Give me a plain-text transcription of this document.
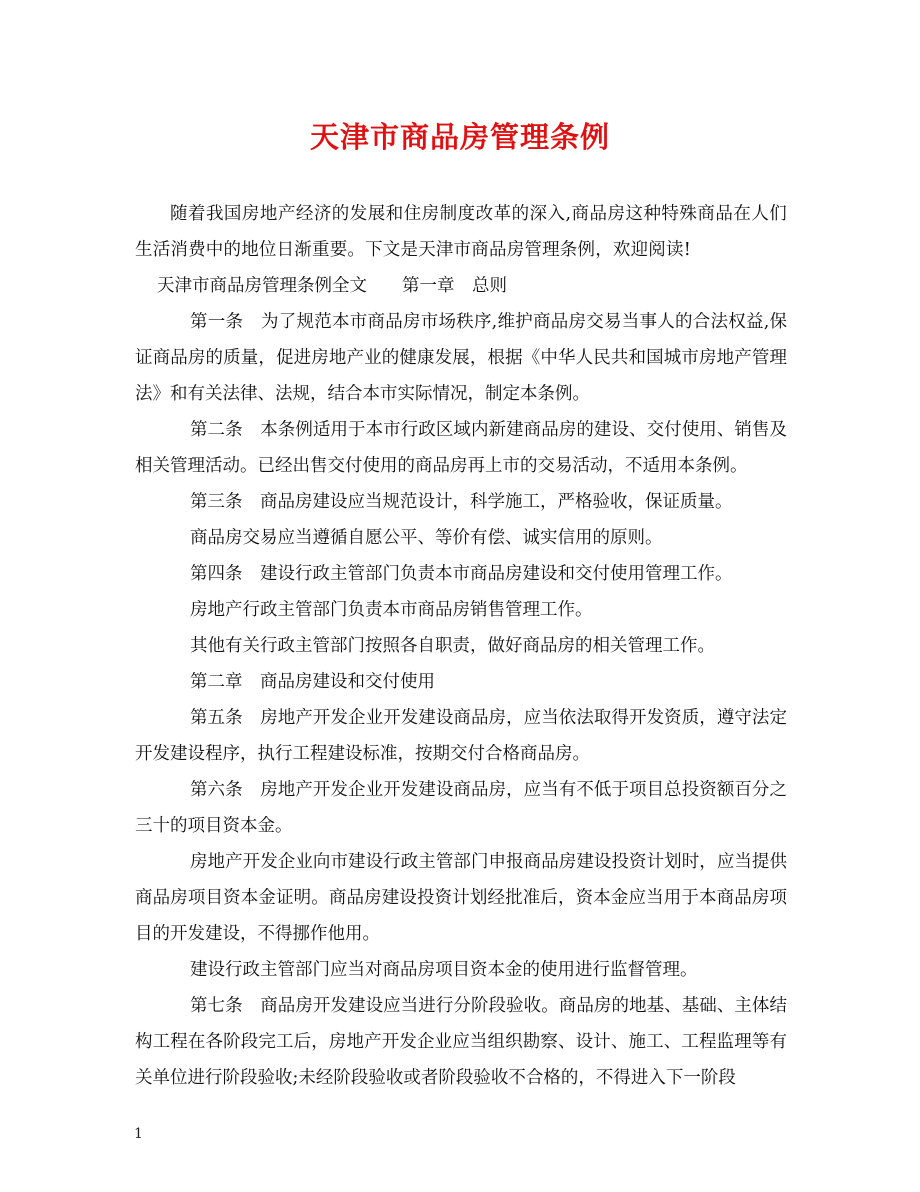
天津市商品房管理条例

随着我国房地产经济的发展和住房制度改革的深入,商品房这种特殊商品在人们生活消费中的地位日渐重要。下文是天津市商品房管理条例，欢迎阅读!

天津市商品房管理条例全文　　第一章　总则

第一条　为了规范本市商品房市场秩序,维护商品房交易当事人的合法权益,保证商品房的质量，促进房地产业的健康发展，根据《中华人民共和国城市房地产管理法》和有关法律、法规，结合本市实际情况，制定本条例。

第二条　本条例适用于本市行政区域内新建商品房的建设、交付使用、销售及相关管理活动。已经出售交付使用的商品房再上市的交易活动，不适用本条例。

第三条　商品房建设应当规范设计，科学施工，严格验收，保证质量。

商品房交易应当遵循自愿公平、等价有偿、诚实信用的原则。

第四条　建设行政主管部门负责本市商品房建设和交付使用管理工作。

房地产行政主管部门负责本市商品房销售管理工作。

其他有关行政主管部门按照各自职责，做好商品房的相关管理工作。

第二章　商品房建设和交付使用

第五条　房地产开发企业开发建设商品房，应当依法取得开发资质，遵守法定开发建设程序，执行工程建设标准，按期交付合格商品房。

第六条　房地产开发企业开发建设商品房，应当有不低于项目总投资额百分之三十的项目资本金。

房地产开发企业向市建设行政主管部门申报商品房建设投资计划时，应当提供商品房项目资本金证明。商品房建设投资计划经批准后，资本金应当用于本商品房项目的开发建设，不得挪作他用。

建设行政主管部门应当对商品房项目资本金的使用进行监督管理。

第七条　商品房开发建设应当进行分阶段验收。商品房的地基、基础、主体结构工程在各阶段完工后，房地产开发企业应当组织勘察、设计、施工、工程监理等有关单位进行阶段验收;未经阶段验收或者阶段验收不合格的，不得进入下一阶段

1
